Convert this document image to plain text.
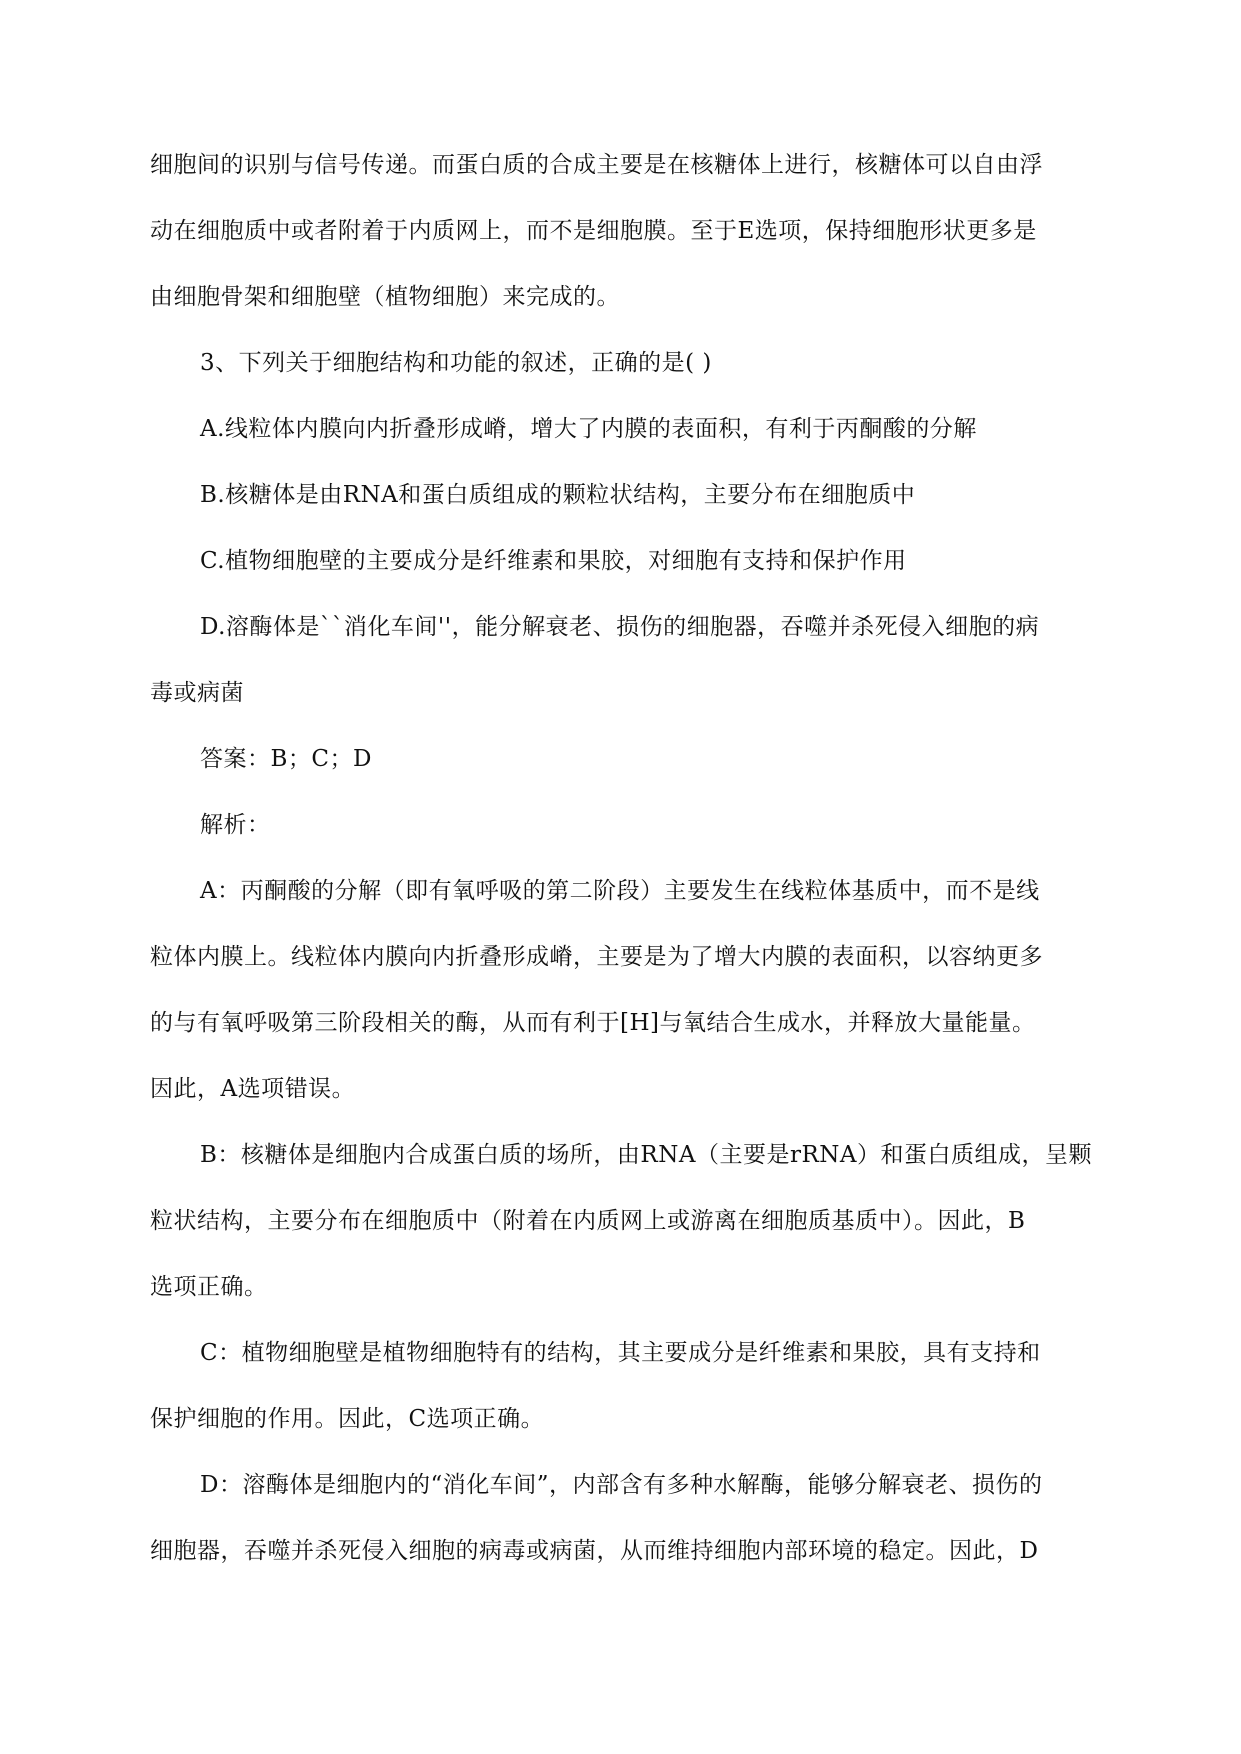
细胞间的识别与信号传递。而蛋白质的合成主要是在核糖体上进行，核糖体可以自由浮
动在细胞质中或者附着于内质网上，而不是细胞膜。至于E选项，保持细胞形状更多是
由细胞骨架和细胞壁（植物细胞）来完成的。
3、下列关于细胞结构和功能的叙述，正确的是( )
A.线粒体内膜向内折叠形成嵴，增大了内膜的表面积，有利于丙酮酸的分解
B.核糖体是由RNA和蛋白质组成的颗粒状结构，主要分布在细胞质中
C.植物细胞壁的主要成分是纤维素和果胶，对细胞有支持和保护作用
D.溶酶体是``消化车间''，能分解衰老、损伤的细胞器，吞噬并杀死侵入细胞的病
毒或病菌
答案：B；C；D
解析：
A：丙酮酸的分解（即有氧呼吸的第二阶段）主要发生在线粒体基质中，而不是线
粒体内膜上。线粒体内膜向内折叠形成嵴，主要是为了增大内膜的表面积，以容纳更多
的与有氧呼吸第三阶段相关的酶，从而有利于[H]与氧结合生成水，并释放大量能量。
因此，A选项错误。
B：核糖体是细胞内合成蛋白质的场所，由RNA（主要是rRNA）和蛋白质组成，呈颗
粒状结构，主要分布在细胞质中（附着在内质网上或游离在细胞质基质中）。因此，B
选项正确。
C：植物细胞壁是植物细胞特有的结构，其主要成分是纤维素和果胶，具有支持和
保护细胞的作用。因此，C选项正确。
D：溶酶体是细胞内的“消化车间”，内部含有多种水解酶，能够分解衰老、损伤的
细胞器，吞噬并杀死侵入细胞的病毒或病菌，从而维持细胞内部环境的稳定。因此，D
